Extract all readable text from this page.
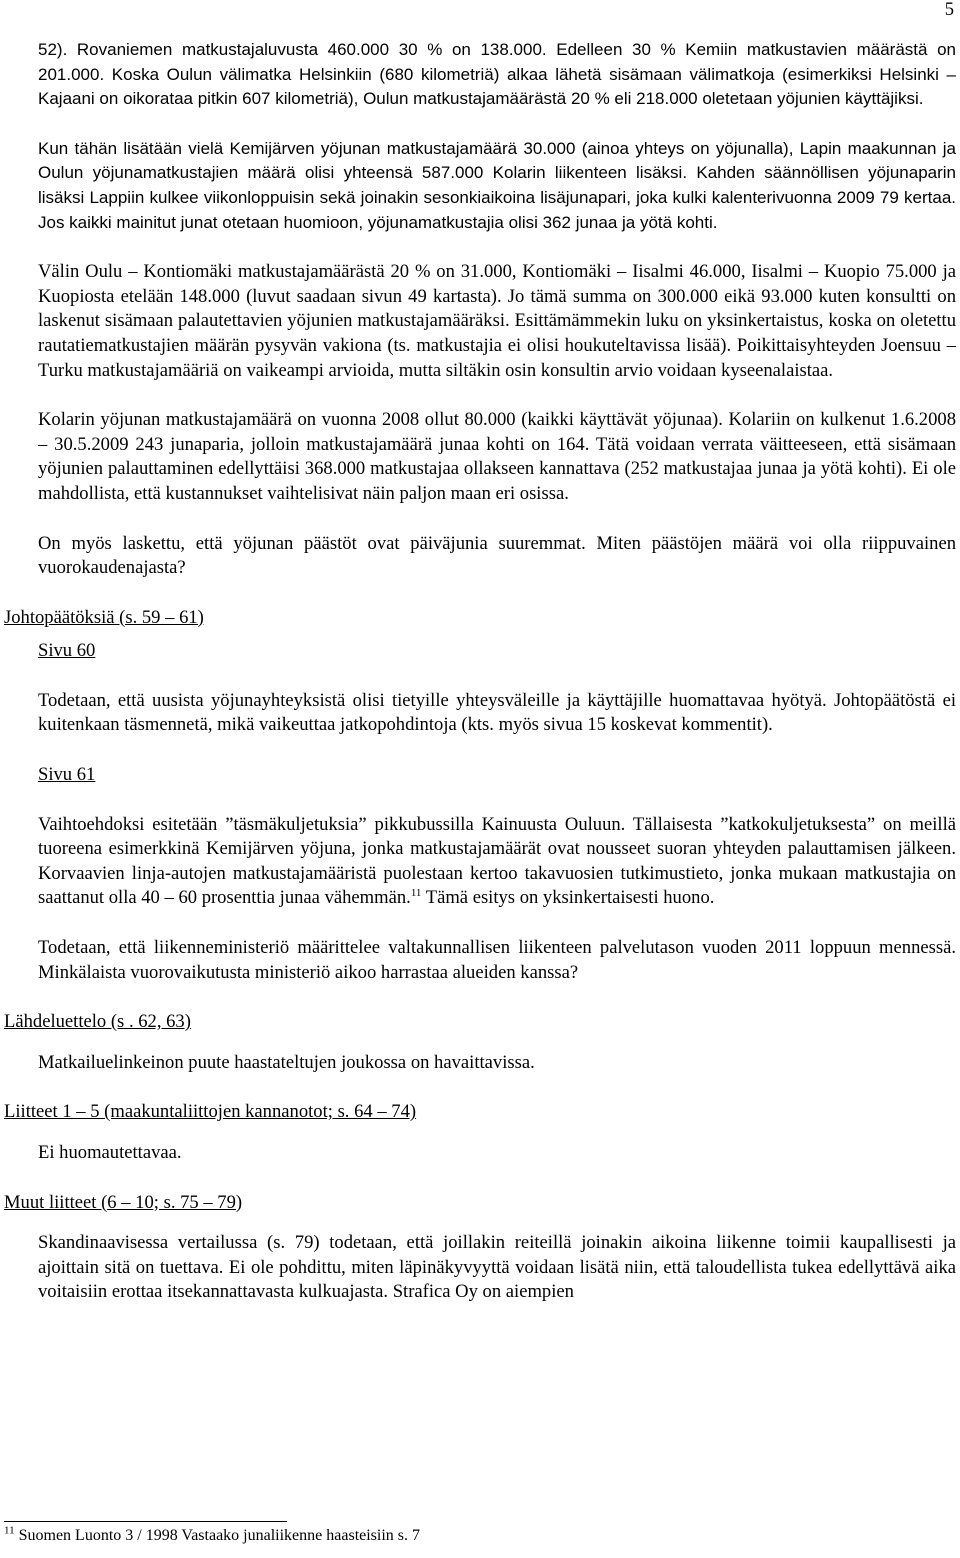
5

52). Rovaniemen matkustajaluvusta 460.000 30 % on 138.000. Edelleen 30 % Kemiin matkustavien määrästä on 201.000. Koska Oulun välimatka Helsinkiin (680 kilometriä) alkaa lähetä sisämaan välimatkoja (esimerkiksi Helsinki – Kajaani on oikorataa pitkin 607 kilometriä), Oulun matkustajamäärästä 20 % eli 218.000 oletetaan yöjunien käyttäjiksi.

Kun tähän lisätään vielä Kemijärven yöjunan matkustajamäärä 30.000 (ainoa yhteys on yöjunalla), Lapin maakunnan ja Oulun yöjunamatkustajien määrä olisi yhteensä 587.000 Kolarin liikenteen lisäksi. Kahden säännöllisen yöjunaparin lisäksi Lappiin kulkee viikonloppuisin sekä joinakin sesonkiaikoina lisäjunapari, joka kulki kalenterivuonna 2009 79 kertaa. Jos kaikki mainitut junat otetaan huomioon, yöjunamatkustajia olisi 362 junaa ja yötä kohti.

Välin Oulu – Kontiomäki matkustajamäärästä 20 % on 31.000, Kontiomäki – Iisalmi 46.000, Iisalmi – Kuopio 75.000 ja Kuopiosta etelään 148.000 (luvut saadaan sivun 49 kartasta). Jo tämä summa on 300.000 eikä 93.000 kuten konsultti on laskenut sisämaan palautettavien yöjunien matkustajamääräksi. Esittämämmekin luku on yksinkertaistus, koska on oletettu rautatiematkustajien määrän pysyvän vakiona (ts. matkustajia ei olisi houkuteltavissa lisää). Poikittaisyhteyden Joensuu – Turku matkustajamääriä on vaikeampi arvioida, mutta siltäkin osin konsultin arvio voidaan kyseenalaistaa.

Kolarin yöjunan matkustajamäärä on vuonna 2008 ollut 80.000 (kaikki käyttävät yöjunaa). Kolariin on kulkenut 1.6.2008 – 30.5.2009 243 junaparia, jolloin matkustajamäärä junaa kohti on 164. Tätä voidaan verrata väitteeseen, että sisämaan yöjunien palauttaminen edellyttäisi 368.000 matkustajaa ollakseen kannattava (252 matkustajaa junaa ja yötä kohti). Ei ole mahdollista, että kustannukset vaihtelisivat näin paljon maan eri osissa.

On myös laskettu, että yöjunan päästöt ovat päiväjunia suuremmat. Miten päästöjen määrä voi olla riippuvainen vuorokaudenajasta?

Johtopäätöksiä (s. 59 – 61)
Sivu 60

Todetaan, että uusista yöjunayhteyksistä olisi tietyille yhteysväleille ja käyttäjille huomattavaa hyötyä. Johtopäätöstä ei kuitenkaan täsmennetä, mikä vaikeuttaa jatkopohdintoja (kts. myös sivua 15 koskevat kommentit).

Sivu 61

Vaihtoehdoksi esitetään ”täsmäkuljetuksia” pikkubussilla Kainuusta Ouluun. Tällaisesta ”katkokuljetuksesta” on meillä tuoreena esimerkkinä Kemijärven yöjuna, jonka matkustajamäärät ovat nousseet suoran yhteyden palauttamisen jälkeen. Korvaavien linja-autojen matkustajamääristä puolestaan kertoo takavuosien tutkimustieto, jonka mukaan matkustajia on saattanut olla 40 – 60 prosenttia junaa vähemmän.$^{11}$ Tämä esitys on yksinkertaisesti huono.

Todetaan, että liikenneministeriö määrittelee valtakunnallisen liikenteen palvelutason vuoden 2011 loppuun mennessä. Minkälaista vuorovaikutusta ministeriö aikoo harrastaa alueiden kanssa?

Lähdeluettelo (s . 62, 63)

Matkailuelinkeinon puute haastateltujen joukossa on havaittavissa.

Liitteet 1 – 5 (maakuntaliittojen kannanotot; s. 64 – 74)

Ei huomautettavaa.

Muut liitteet (6 – 10; s. 75 – 79)

Skandinaavisessa vertailussa (s. 79) todetaan, että joillakin reiteillä joinakin aikoina liikenne toimii kaupallisesti ja ajoittain sitä on tuettava. Ei ole pohdittu, miten läpinäkyvyyttä voidaan lisätä niin, että taloudellista tukea edellyttävä aika voitaisiin erottaa itsekannattavasta kulkuajasta. Strafica Oy on aiempien

$^{11}$ Suomen Luonto 3 / 1998 Vastaako junaliikenne haasteisiin s. 7
